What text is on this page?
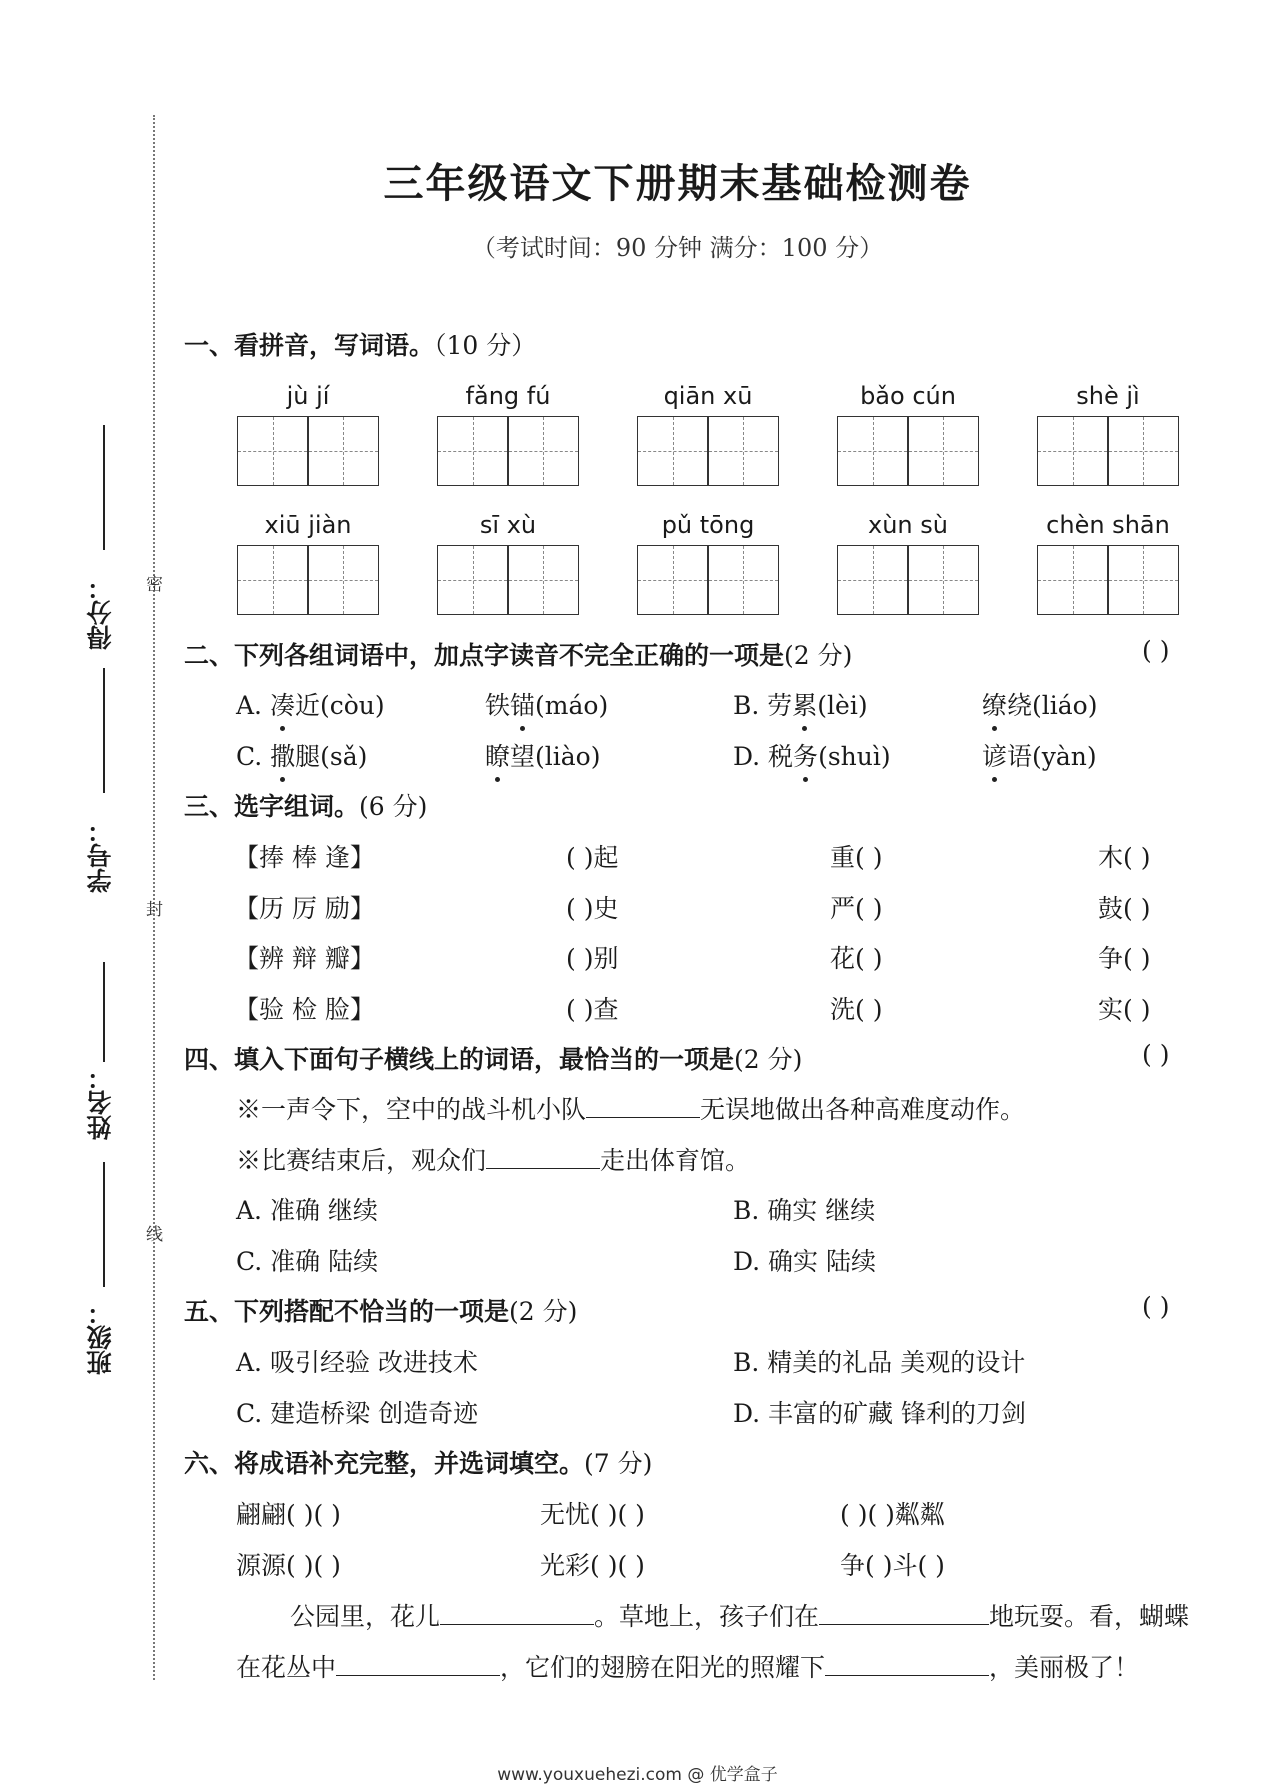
密
封
线
得分：
学号：
姓名：
班级：
三年级语文下册期末基础检测卷
（考试时间：90 分钟 满分：100 分）
一、看拼音，写词语。（10 分）
jù jí	fǎng fú	qiān xū	bǎo cún	shè jì
xiū jiàn	sī xù	pǔ tōng	xùn sù	chèn shān
二、下列各组词语中，加点字读音不完全正确的一项是(2 分)	( )
A. 凑近(còu)	铁锚(máo)	B. 劳累(lèi)	缭绕(liáo)
C. 撒腿(sǎ)	瞭望(liào)	D. 税务(shuì)	谚语(yàn)
三、选字组词。(6 分)
【捧 棒 逢】	( )起	重( )	木( )
【历 厉 励】	( )史	严( )	鼓( )
【辨 辩 瓣】	( )别	花( )	争( )
【验 检 脸】	( )查	洗( )	实( )
四、填入下面句子横线上的词语，最恰当的一项是(2 分)	( )
※一声令下，空中的战斗机小队	无误地做出各种高难度动作。
※比赛结束后，观众们	走出体育馆。
A. 准确 继续	B. 确实 继续
C. 准确 陆续	D. 确实 陆续
五、下列搭配不恰当的一项是(2 分)	( )
A. 吸引经验 改进技术	B. 精美的礼品 美观的设计
C. 建造桥梁 创造奇迹	D. 丰富的矿藏 锋利的刀剑
六、将成语补充完整，并选词填空。(7 分)
翩翩( )( )	无忧( )( )	( )( )粼粼
源源( )( )	光彩( )( )	争( )斗( )
公园里，花儿	。草地上，孩子们在	地玩耍。看，蝴蝶
在花丛中	，它们的翅膀在阳光的照耀下	，美丽极了！
www.youxuehezi.com @ 优学盒子
